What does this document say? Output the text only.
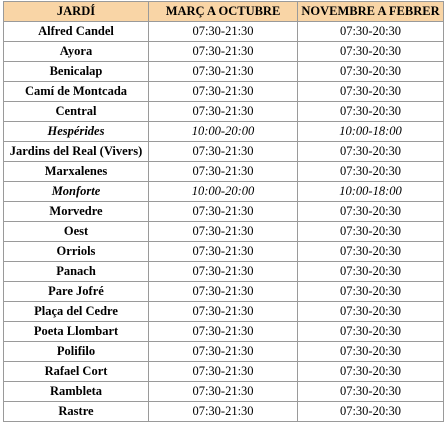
JARDÍ	MARÇ A OCTUBRE	NOVEMBRE A FEBRER
Alfred Candel	07:30-21:30	07:30-20:30
Ayora	07:30-21:30	07:30-20:30
Benicalap	07:30-21:30	07:30-20:30
Camí de Montcada	07:30-21:30	07:30-20:30
Central	07:30-21:30	07:30-20:30
Hespérides	10:00-20:00	10:00-18:00
Jardins del Real (Vivers)	07:30-21:30	07:30-20:30
Marxalenes	07:30-21:30	07:30-20:30
Monforte	10:00-20:00	10:00-18:00
Morvedre	07:30-21:30	07:30-20:30
Oest	07:30-21:30	07:30-20:30
Orriols	07:30-21:30	07:30-20:30
Panach	07:30-21:30	07:30-20:30
Pare Jofré	07:30-21:30	07:30-20:30
Plaça del Cedre	07:30-21:30	07:30-20:30
Poeta Llombart	07:30-21:30	07:30-20:30
Polifilo	07:30-21:30	07:30-20:30
Rafael Cort	07:30-21:30	07:30-20:30
Rambleta	07:30-21:30	07:30-20:30
Rastre	07:30-21:30	07:30-20:30
